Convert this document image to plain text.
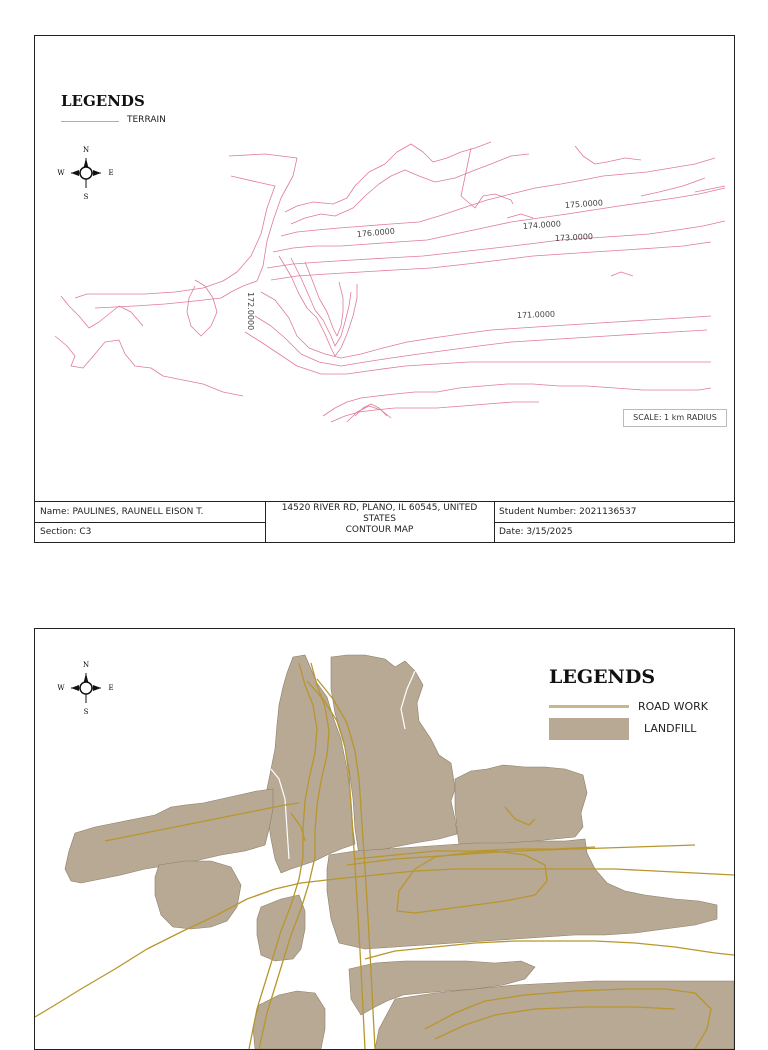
LEGENDS
TERRAIN
N
S
W	E
175.0000
174.0000
173.0000
176.0000
172.0000	171.0000
SCALE: 1 km RADIUS
Name: PAULINES, RAUNELL EISON T.
Section: C3
14520 RIVER RD, PLANO, IL 60545, UNITED
STATES
CONTOUR MAP
Student Number: 2021136537
Date: 3/15/2025
N
S
W	E	LEGENDS
ROAD WORK
LANDFILL
